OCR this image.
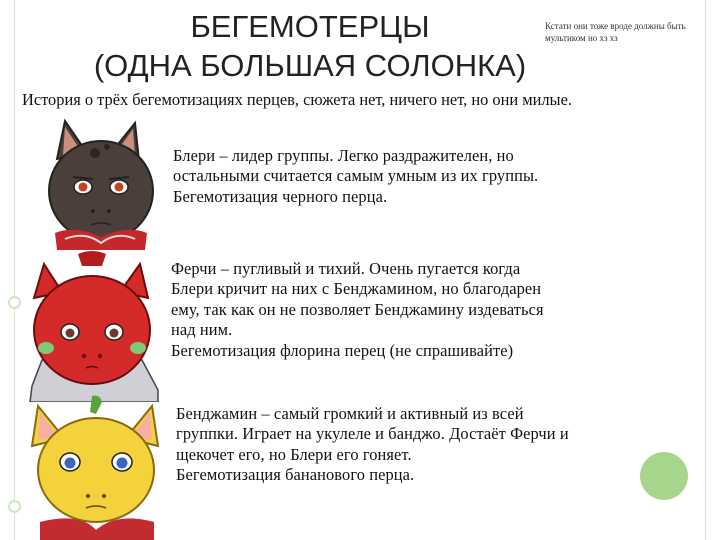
БЕГЕМОТЕРЦЫ
(ОДНА БОЛЬШАЯ СОЛОНКА)
Кстати они тоже вроде должны быть мультиком но хз хз
История о трёх бегемотизациях перцев, сюжета нет, ничего нет, но они милые.

Блери – лидер группы. Легко раздражителен, но

остальными считается самым умным из их группы.

Бегемотизация черного перца.

Ферчи – пугливый и тихий. Очень пугается когда

Блери кричит на них с Бенджамином, но благодарен

ему, так как он не позволяет Бенджамину издеваться

над ним.

Бегемотизация флорина перец (не спрашивайте)

Бенджамин – самый громкий и активный из всей

группки. Играет на укулеле и банджо. Достаёт Ферчи и

щекочет его, но Блери его гоняет.

Бегемотизация бананового перца.
